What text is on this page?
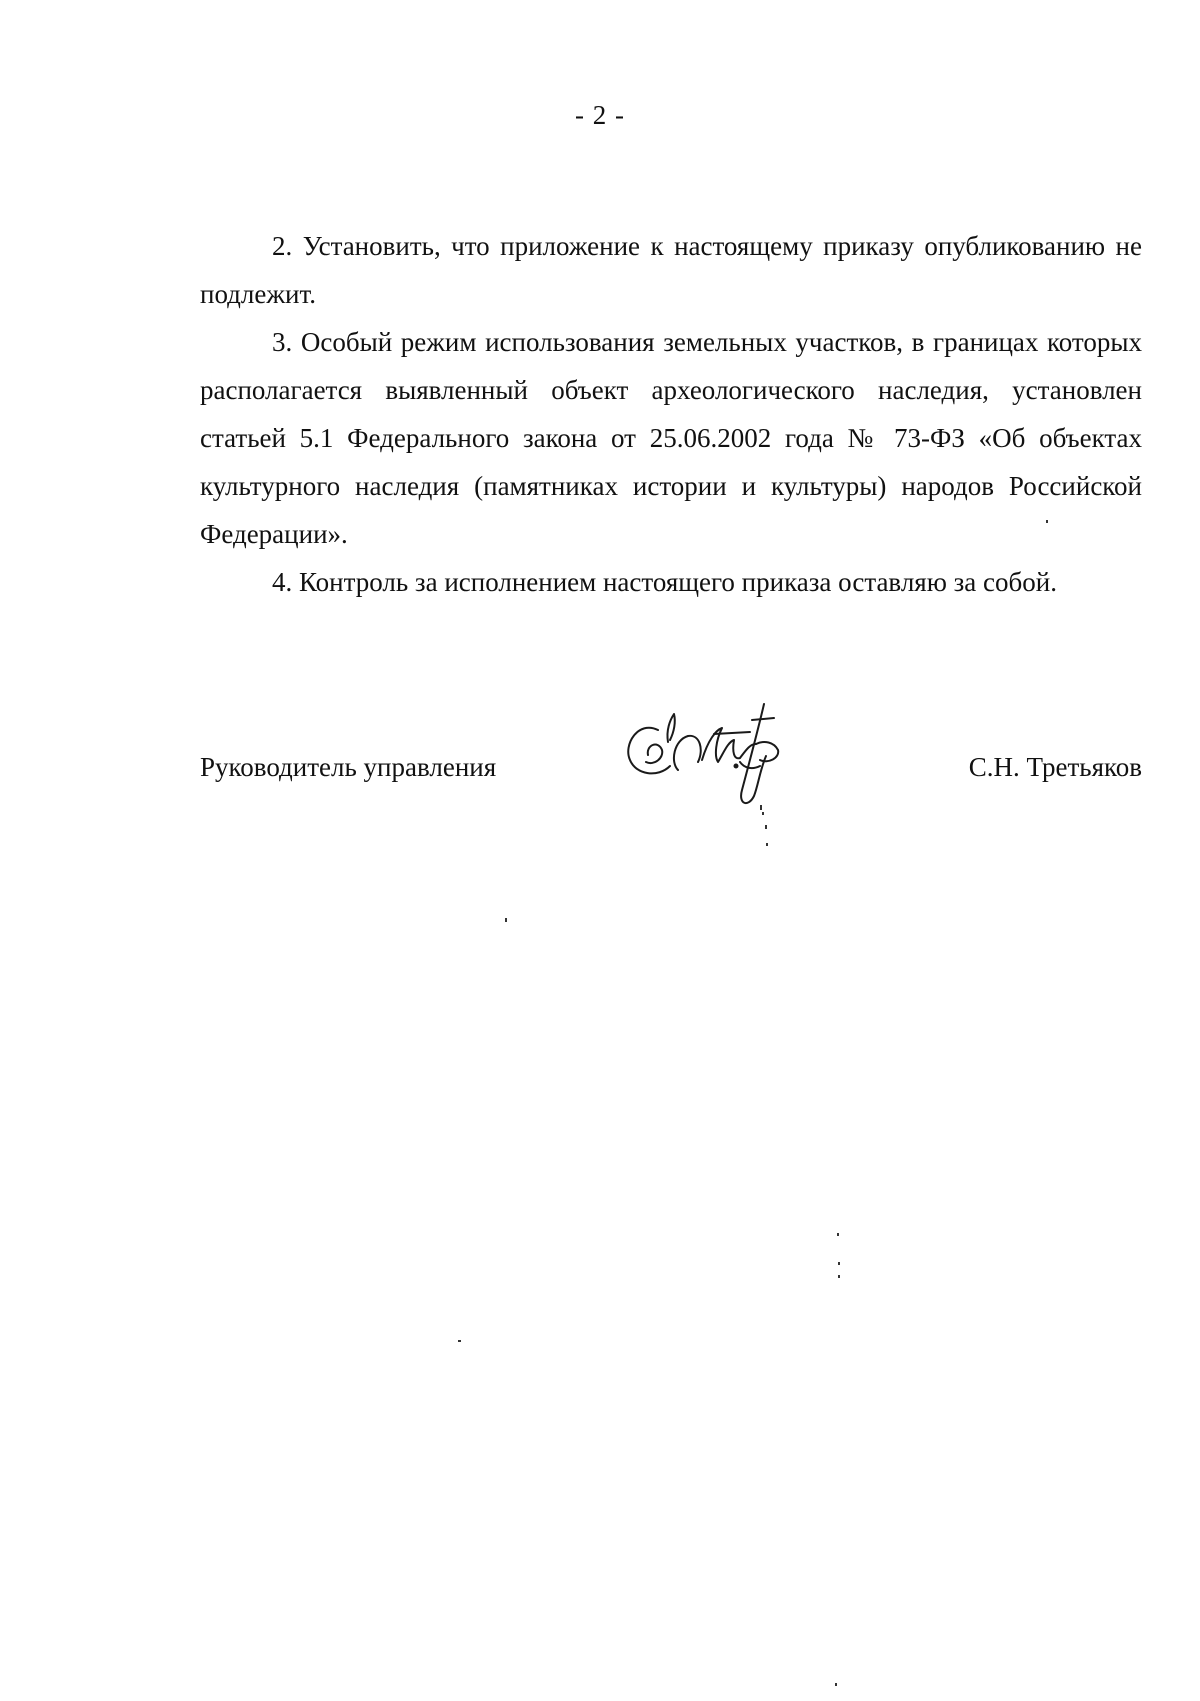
- 2 -

2. Установить, что приложение к настоящему приказу опубликованию не подлежит.

3. Особый режим использования земельных участков, в границах которых располагается выявленный объект археологического наследия, установлен статьей 5.1 Федерального закона от 25.06.2002 года № 73-ФЗ «Об объектах культурного наследия (памятниках истории и культуры) народов Российской Федерации».

4. Контроль за исполнением настоящего приказа оставляю за собой.

Руководитель управления	С.Н. Третьяков
